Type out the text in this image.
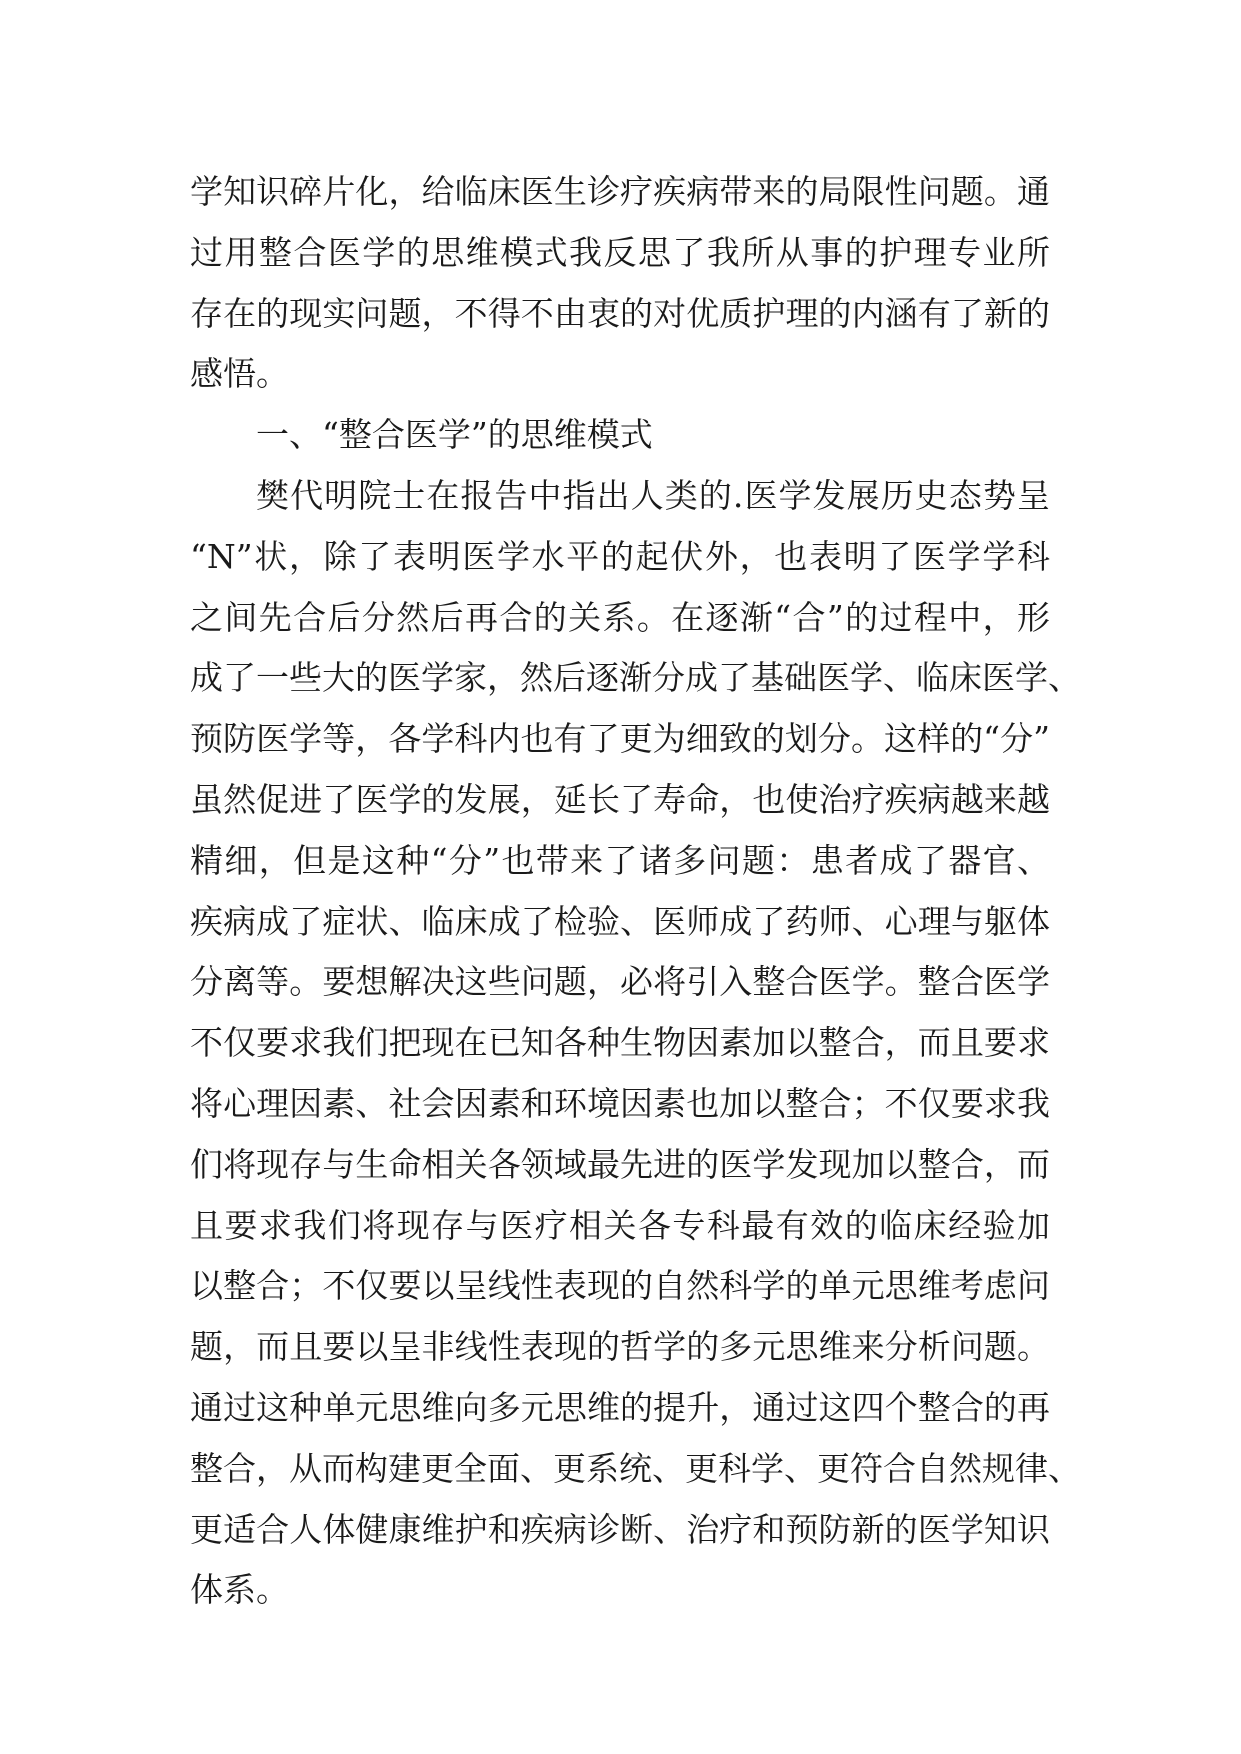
学知识碎片化，给临床医生诊疗疾病带来的局限性问题。通
过用整合医学的思维模式我反思了我所从事的护理专业所
存在的现实问题，不得不由衷的对优质护理的内涵有了新的
感悟。
一、“整合医学”的思维模式
樊代明院士在报告中指出人类的.医学发展历史态势呈
“N”状，除了表明医学水平的起伏外，也表明了医学学科
之间先合后分然后再合的关系。在逐渐“合”的过程中，形
成了一些大的医学家，然后逐渐分成了基础医学、临床医学、
预防医学等，各学科内也有了更为细致的划分。这样的“分”
虽然促进了医学的发展，延长了寿命，也使治疗疾病越来越
精细，但是这种“分”也带来了诸多问题：患者成了器官、
疾病成了症状、临床成了检验、医师成了药师、心理与躯体
分离等。要想解决这些问题，必将引入整合医学。整合医学
不仅要求我们把现在已知各种生物因素加以整合，而且要求
将心理因素、社会因素和环境因素也加以整合；不仅要求我
们将现存与生命相关各领域最先进的医学发现加以整合，而
且要求我们将现存与医疗相关各专科最有效的临床经验加
以整合；不仅要以呈线性表现的自然科学的单元思维考虑问
题，而且要以呈非线性表现的哲学的多元思维来分析问题。
通过这种单元思维向多元思维的提升，通过这四个整合的再
整合，从而构建更全面、更系统、更科学、更符合自然规律、
更适合人体健康维护和疾病诊断、治疗和预防新的医学知识
体系。
